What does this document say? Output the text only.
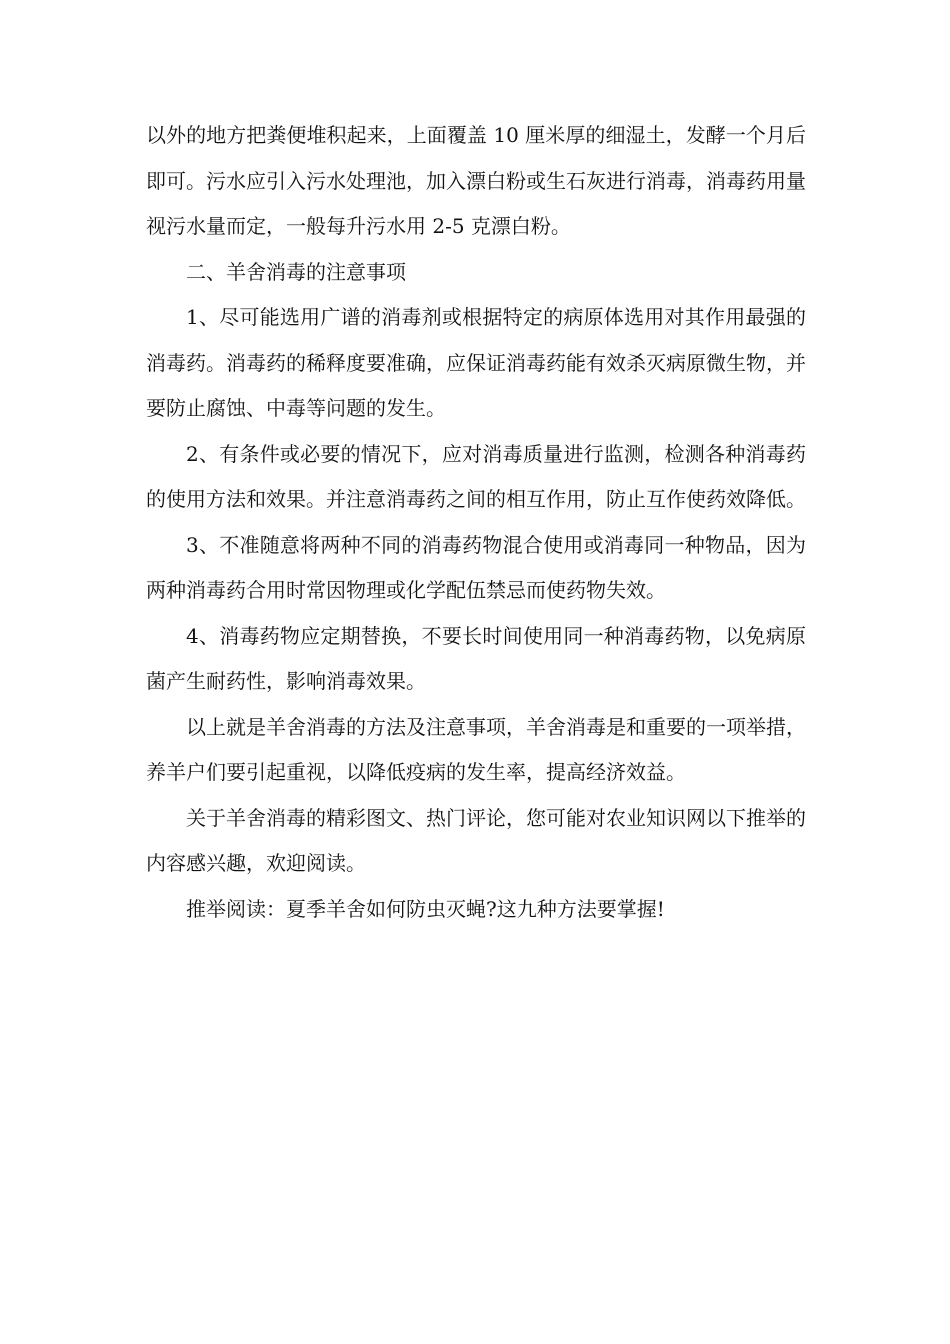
以外的地方把粪便堆积起来，上面覆盖 10 厘米厚的细湿土，发酵一个月后即可。污水应引入污水处理池，加入漂白粉或生石灰进行消毒，消毒药用量视污水量而定，一般每升污水用 2-5 克漂白粉。

二、羊舍消毒的注意事项

1、尽可能选用广谱的消毒剂或根据特定的病原体选用对其作用最强的消毒药。消毒药的稀释度要准确，应保证消毒药能有效杀灭病原微生物，并要防止腐蚀、中毒等问题的发生。

2、有条件或必要的情况下，应对消毒质量进行监测，检测各种消毒药的使用方法和效果。并注意消毒药之间的相互作用，防止互作使药效降低。

3、不准随意将两种不同的消毒药物混合使用或消毒同一种物品，因为两种消毒药合用时常因物理或化学配伍禁忌而使药物失效。

4、消毒药物应定期替换，不要长时间使用同一种消毒药物，以免病原菌产生耐药性，影响消毒效果。

以上就是羊舍消毒的方法及注意事项，羊舍消毒是和重要的一项举措，养羊户们要引起重视，以降低疫病的发生率，提高经济效益。

关于羊舍消毒的精彩图文、热门评论，您可能对农业知识网以下推举的内容感兴趣，欢迎阅读。

推举阅读：夏季羊舍如何防虫灭蝇?这九种方法要掌握!
